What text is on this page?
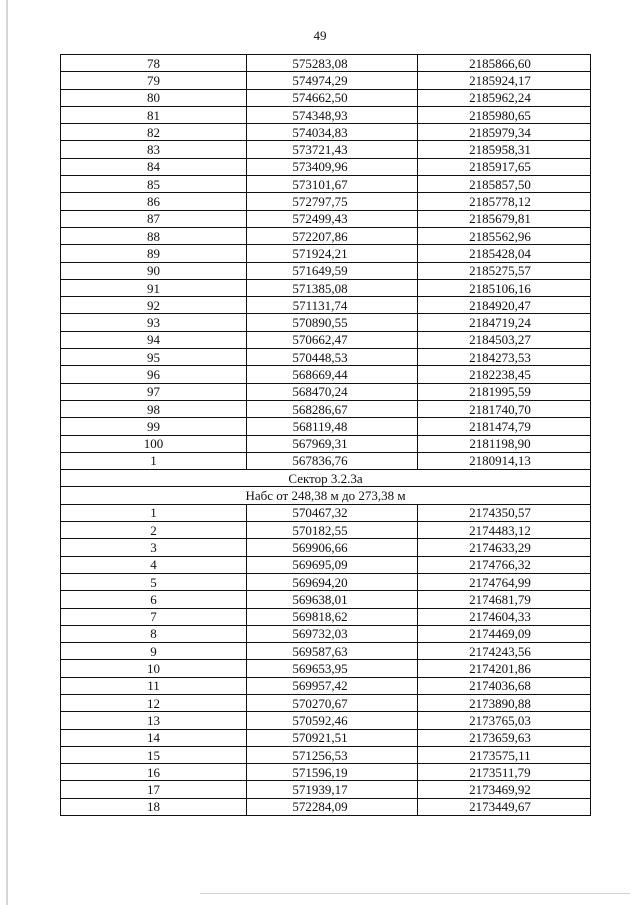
49
78	575283,08	2185866,60
79	574974,29	2185924,17
80	574662,50	2185962,24
81	574348,93	2185980,65
82	574034,83	2185979,34
83	573721,43	2185958,31
84	573409,96	2185917,65
85	573101,67	2185857,50
86	572797,75	2185778,12
87	572499,43	2185679,81
88	572207,86	2185562,96
89	571924,21	2185428,04
90	571649,59	2185275,57
91	571385,08	2185106,16
92	571131,74	2184920,47
93	570890,55	2184719,24
94	570662,47	2184503,27
95	570448,53	2184273,53
96	568669,44	2182238,45
97	568470,24	2181995,59
98	568286,67	2181740,70
99	568119,48	2181474,79
100	567969,31	2181198,90
1	567836,76	2180914,13
Сектор 3.2.3а		
Набс от 248,38 м до 273,38 м		
1	570467,32	2174350,57
2	570182,55	2174483,12
3	569906,66	2174633,29
4	569695,09	2174766,32
5	569694,20	2174764,99
6	569638,01	2174681,79
7	569818,62	2174604,33
8	569732,03	2174469,09
9	569587,63	2174243,56
10	569653,95	2174201,86
11	569957,42	2174036,68
12	570270,67	2173890,88
13	570592,46	2173765,03
14	570921,51	2173659,63
15	571256,53	2173575,11
16	571596,19	2173511,79
17	571939,17	2173469,92
18	572284,09	2173449,67
